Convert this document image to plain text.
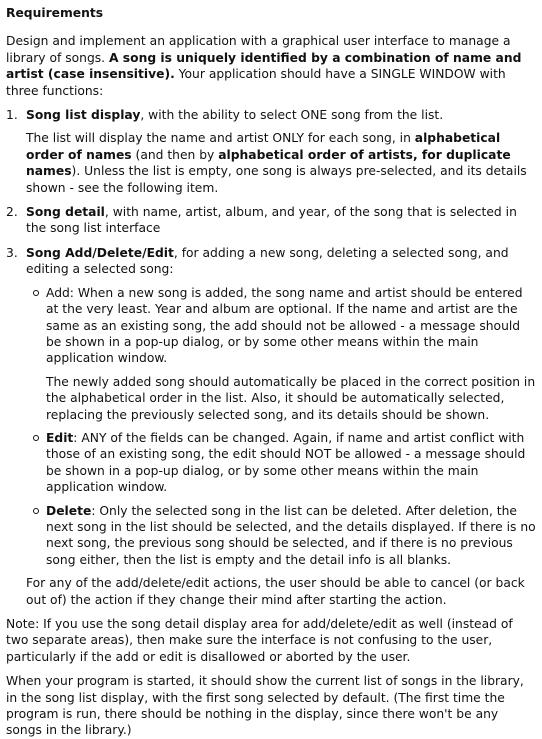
Requirements

Design and implement an application with a graphical user interface to manage a library of songs. A song is uniquely identified by a combination of name and artist (case insensitive). Your application should have a SINGLE WINDOW with three functions:

1. Song list display, with the ability to select ONE song from the list.

The list will display the name and artist ONLY for each song, in alphabetical order of names (and then by alphabetical order of artists, for duplicate names). Unless the list is empty, one song is always pre-selected, and its details shown - see the following item.

2. Song detail, with name, artist, album, and year, of the song that is selected in the song list interface

3. Song Add/Delete/Edit, for adding a new song, deleting a selected song, and editing a selected song:

Add: When a new song is added, the song name and artist should be entered at the very least. Year and album are optional. If the name and artist are the same as an existing song, the add should not be allowed - a message should be shown in a pop-up dialog, or by some other means within the main application window.

The newly added song should automatically be placed in the correct position in the alphabetical order in the list. Also, it should be automatically selected, replacing the previously selected song, and its details should be shown.

Edit: ANY of the fields can be changed. Again, if name and artist conflict with those of an existing song, the edit should NOT be allowed - a message should be shown in a pop-up dialog, or by some other means within the main application window.

Delete: Only the selected song in the list can be deleted. After deletion, the next song in the list should be selected, and the details displayed. If there is no next song, the previous song should be selected, and if there is no previous song either, then the list is empty and the detail info is all blanks.

For any of the add/delete/edit actions, the user should be able to cancel (or back out of) the action if they change their mind after starting the action.

Note: If you use the song detail display area for add/delete/edit as well (instead of two separate areas), then make sure the interface is not confusing to the user, particularly if the add or edit is disallowed or aborted by the user.

When your program is started, it should show the current list of songs in the library, in the song list display, with the first song selected by default. (The first time the program is run, there should be nothing in the display, since there won't be any songs in the library.)
